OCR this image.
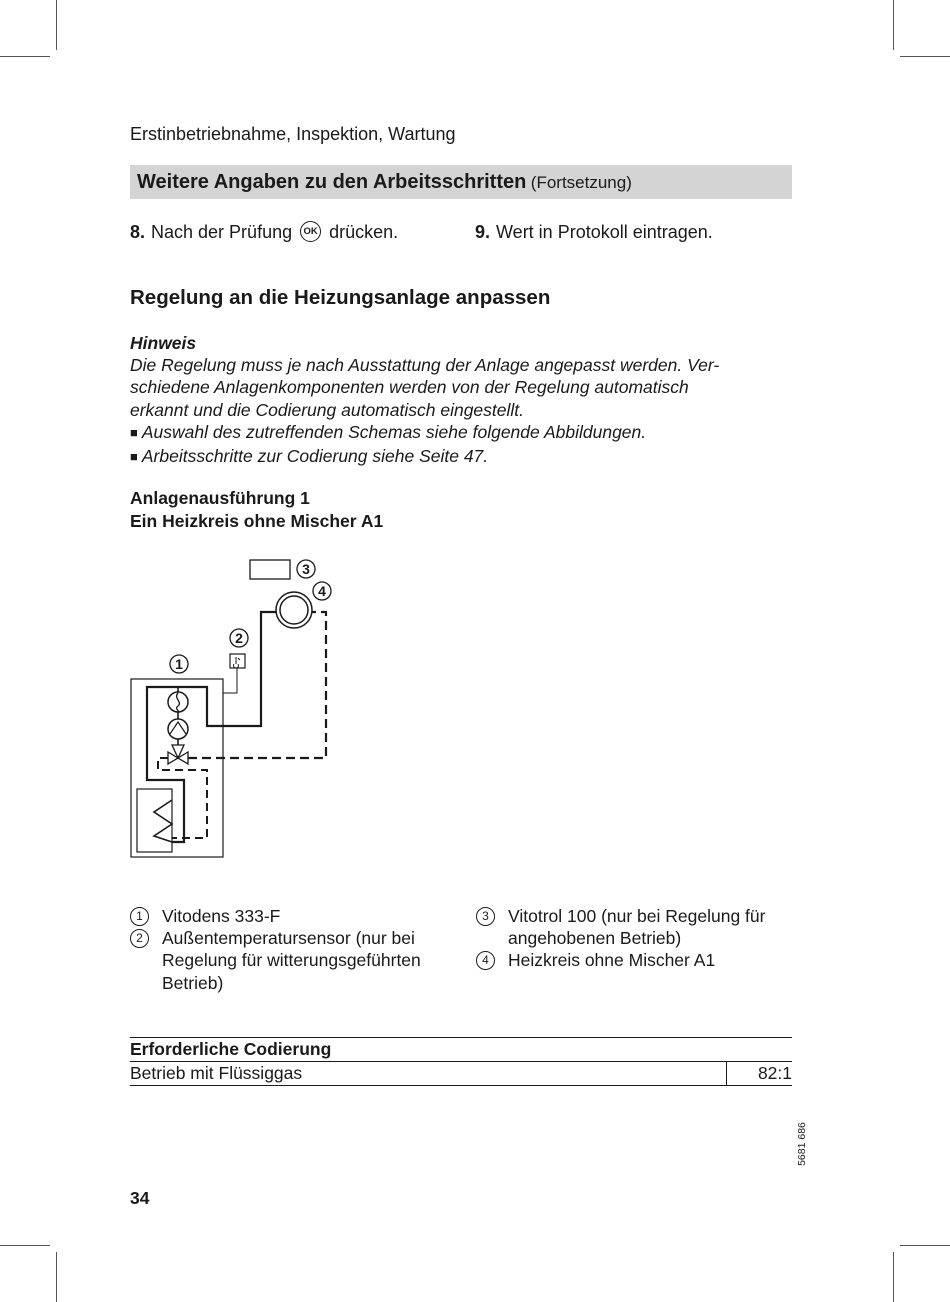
Erstinbetriebnahme, Inspektion, Wartung
Weitere Angaben zu den Arbeitsschritten (Fortsetzung)
8. Nach der Prüfung OK drücken.	9. Wert in Protokoll eintragen.
Regelung an die Heizungsanlage anpassen
Hinweis
Die Regelung muss je nach Ausstattung der Anlage angepasst werden. Ver-
schiedene Anlagenkomponenten werden von der Regelung automatisch
erkannt und die Codierung automatisch eingestellt.
■ Auswahl des zutreffenden Schemas siehe folgende Abbildungen.
■ Arbeitsschritte zur Codierung siehe Seite 47.
Anlagenausführung 1
Ein Heizkreis ohne Mischer A1
1
2
3
4
1	Vitodens 333-F
2	Außentemperatursensor (nur bei
Regelung für witterungsgeführten
Betrieb)
3	Vitotrol 100 (nur bei Regelung für
angehobenen Betrieb)
4	Heizkreis ohne Mischer A1
Erforderliche Codierung
Betrieb mit Flüssiggas	82:1
5681 686
34
